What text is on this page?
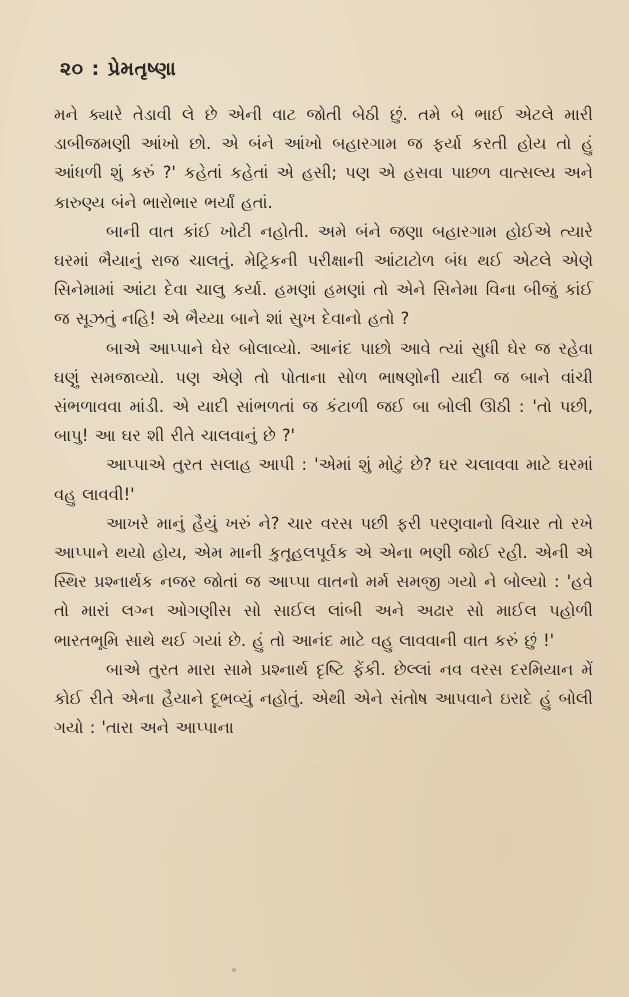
૨૦ : પ્રેમતૃષ્ણા

મને ક્યારે તેડાવી લે છે એની વાટ જોતી બેઠી છું. તમે બે ભાઈ એટલે મારી ડાબીજમણી આંખો છો. એ બંને આંખો બહારગામ જ ફર્યા કરતી હોય તો હું આંધળી શું કરું ?' કહેતાં કહેતાં એ હસી; પણ એ હસવા પાછળ વાત્સલ્ય અને કારુણ્ય બંને ભારોભાર ભર્યાં હતાં.

બાની વાત કાંઈ ખોટી નહોતી. અમે બંને જણા બહારગામ હોઈએ ત્યારે ઘરમાં ભૈયાનું રાજ ચાલતું. મેટ્રિકની પરીક્ષાની આંટાટોળ બંધ થઈ એટલે એણે સિનેમામાં આંટા દેવા ચાલુ કર્યા. હમણાં હમણાં તો એને સિનેમા વિના બીજું કાંઈ જ સૂઝતું નહિ! એ ભૈય્યા બાને શાં સુખ દેવાનો હતો ?

બાએ આપ્પાને ઘેર બોલાવ્યો. આનંદ પાછો આવે ત્યાં સુધી ઘેર જ રહેવા ઘણું સમજાવ્યો. પણ એણે તો પોતાના સોળ ભાષણોની યાદી જ બાને વાંચી સંભળાવવા માંડી. એ યાદી સાંભળતાં જ કંટાળી જઈ બા બોલી ઊઠી : 'તો પછી, બાપુ! આ ઘર શી રીતે ચાલવાનું છે ?'

આપ્પાએ તુરત સલાહ આપી : 'એમાં શું મોટું છે? ઘર ચલાવવા માટે ઘરમાં વહુ લાવવી!'

આખરે માનું હૈયું ખરું ને? ચાર વરસ પછી ફરી પરણવાનો વિચાર તો રખે આપ્પાને થયો હોય, એમ માની કુતૂહલપૂર્વક એ એના ભણી જોઈ રહી. એની એ સ્થિર પ્રશ્નાર્થક નજર જોતાં જ આપ્પા વાતનો મર્મ સમજી ગયો ને બોલ્યો : 'હવે તો મારાં લગ્ન ઓગણીસ સો સાઈલ લાંબી અને અઢાર સો માઈલ પહોળી ભારતભૂમિ સાથે થઈ ગયાં છે. હું તો આનંદ માટે વહુ લાવવાની વાત કરું છું !'

બાએ તુરત મારા સામે પ્રશ્નાર્થ દૃષ્ટિ ફેંકી. છેલ્લાં નવ વરસ દરમિયાન મેં કોઈ રીતે એના હૈયાને દૂભવ્યું નહોતું. એથી એને સંતોષ આપવાને ઇરાદે હું બોલી ગયો : 'તારા અને આપ્પાના
